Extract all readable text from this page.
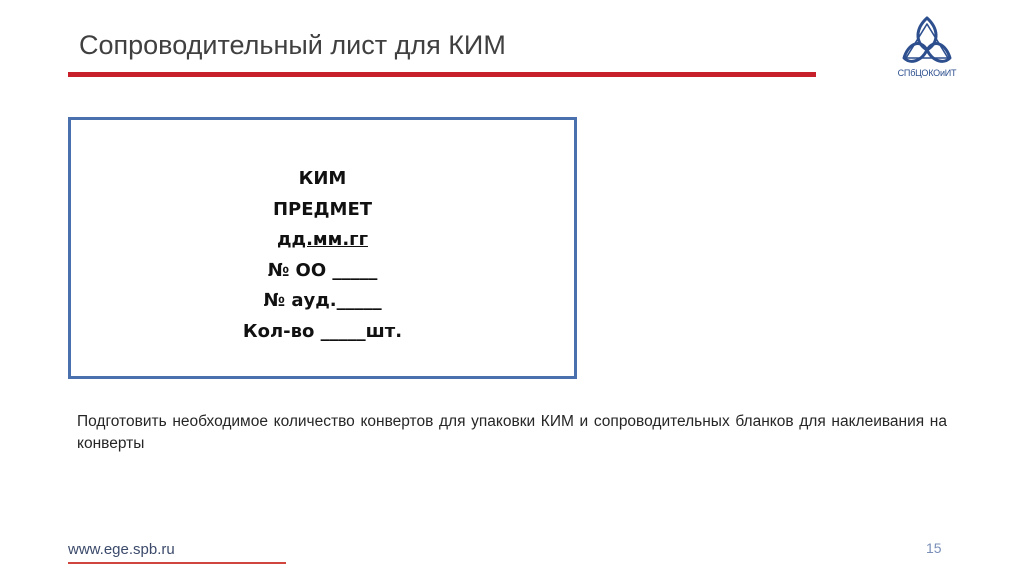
Сопроводительный лист для КИМ
СПбЦОКОиИТ
КИМ
ПРЕДМЕТ
дд.мм.гг
№ ОО _____
№ ауд._____
Кол-во _____шт.
Подготовить необходимое количество конвертов для упаковки КИМ и сопроводительных бланков для наклеивания на конверты
www.ege.spb.ru	15
